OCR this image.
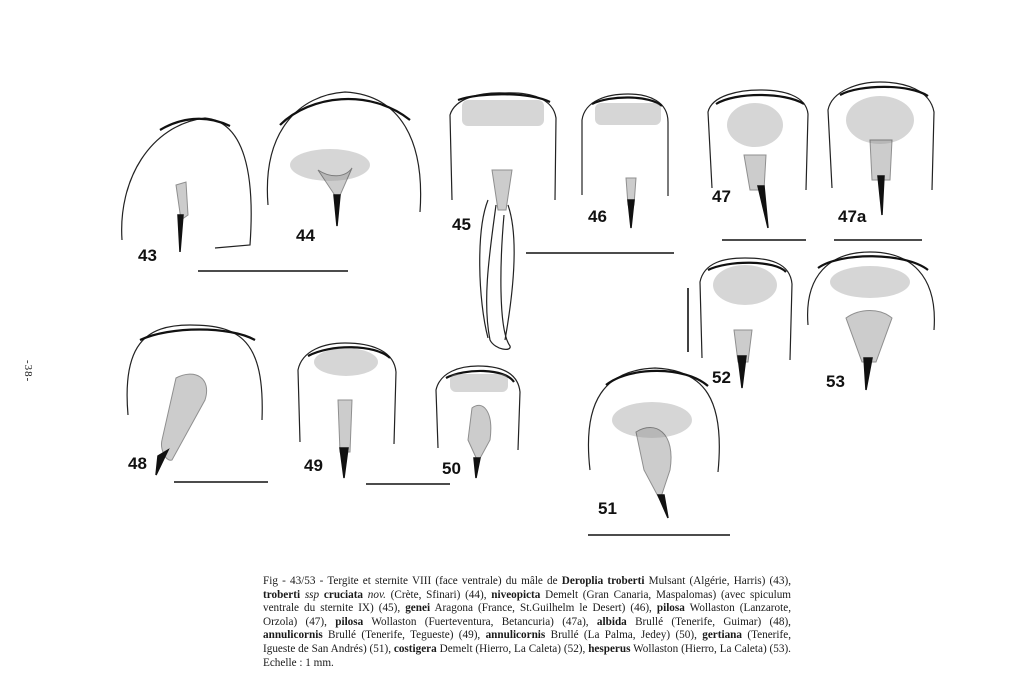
43
44
45	46
47
47a
48	49	50
51
52	53
-38-
Fig - 43/53 - Tergite et sternite VIII (face ventrale) du mâle de Deroplia troberti Mulsant (Algérie, Harris) (43), troberti ssp cruciata nov. (Crète, Sfinari) (44), niveopicta Demelt (Gran Canaria, Maspalomas) (avec spiculum ventrale du sternite IX) (45), genei Aragona (France, St.Guilhelm le Desert) (46), pilosa Wollaston (Lanzarote, Orzola) (47), pilosa Wollaston (Fuerteventura, Betancuria) (47a), albida Brullé (Tenerife, Guimar) (48), annulicornis Brullé (Tenerife, Tegueste) (49), annulicornis Brullé (La Palma, Jedey) (50), gertiana (Tenerife, Igueste de San Andrés) (51), costigera Demelt (Hierro, La Caleta) (52), hesperus Wollaston (Hierro, La Caleta) (53). Echelle : 1 mm.
